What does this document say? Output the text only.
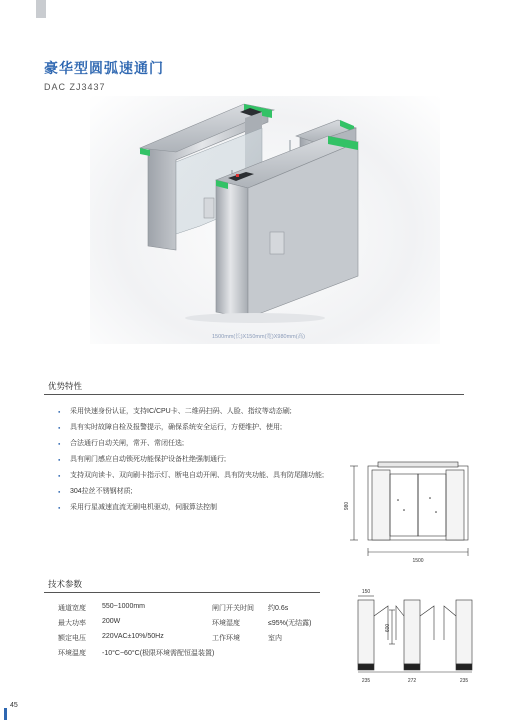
豪华型圆弧速通门
DAC ZJ3437
1500mm(长)X150mm(宽)X980mm(高)
优势特性
● 采用快速身份认证，支持IC/CPU卡、二维码扫码、人脸、指纹等动态刷;
● 具有实时故障自检及报警提示，确保系统安全运行，方便维护、使用;
● 合法通行自动关闸，常开、常闭任选;
● 具有闸门感应自动锁死功能保护设备杜绝强制通行;
● 支持双向读卡、双向刷卡指示灯、断电自动开闸、具有防夹功能、具有防尾随功能;
● 304拉丝不锈钢材质;
● 采用行星减速直流无刷电机驱动，伺服算法控制
1500
980
150
600
235	272	235
技术参数
通道宽度 550~1000mm
最大功率 200W
额定电压 220VAC±10%/50Hz
环境温度 -10°C~60°C(极限环境需配恒温装置)
闸门开关时间 约0.6s
环境湿度	≤95%(无结露)
工作环境	室内
45
